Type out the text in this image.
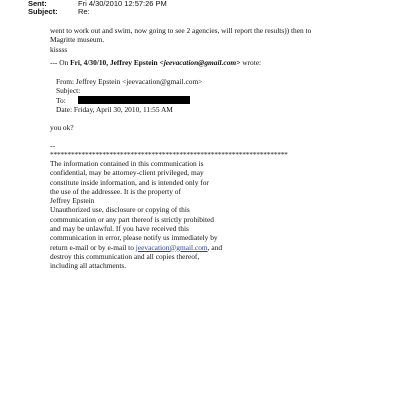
Sent:	Fri 4/30/2010 12:57:26 PM
Subject:	Re:
went to work out and swim, now going to see 2 agencies, will report the results)) then to
Magritte museum.
kissss
--- On Fri, 4/30/10, Jeffrey Epstein <jeevacation@gmail.com> wrote:
From: Jeffrey Epstein <jeevacation@gmail.com>
Subject:
To:
Date: Friday, April 30, 2010, 11:55 AM
you ok?
--
********************************************************************
The information contained in this communication is
confidential, may be attorney-client privileged, may
constitute inside information, and is intended only for
the use of the addressee. It is the property of
Jeffrey Epstein
Unauthorized use, disclosure or copying of this
communication or any part thereof is strictly prohibited
and may be unlawful. If you have received this
communication in error, please notify us immediately by
return e-mail or by e-mail to jeevacation@gmail.com, and
destroy this communication and all copies thereof,
including all attachments.
